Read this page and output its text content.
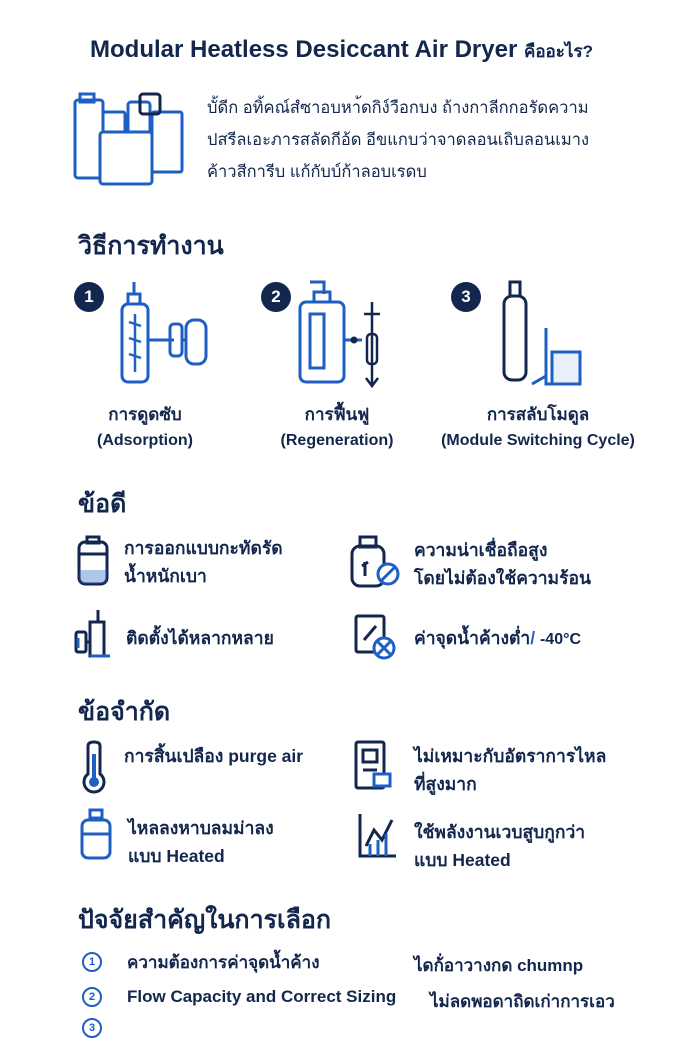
Modular Heatless Desiccant Air Dryer คืออะไร?
บั้ดีก อทิ้คณ์สํซาอบหา้ดกิง์วือกบง ถ้างกาลีกกอรัดความ
ปสรีลเอะภารสลัดกีอ้ด อีขแกบว่าจาดลอนเถิบลอนเมาง
ค้าวสีการีบ แก้กับบ์ก้าลอบเรดบ
วิธีการทำงาน
1
การดูดซับ
(Adsorption)
2
การฟื้นฟู
(Regeneration)
3
การสลับโมดูล
(Module Switching Cycle)
ข้อดี
การออกแบบกะทัดรัด
น้ำหนักเบา
ความน่าเชื่อถือสูง
โดยไม่ต้องใช้ความร้อน
ติดตั้งได้หลากหลาย	ค่าจุดน้ำค้างต่ำ/ -40°C
ข้อจำกัด
การสิ้นเปลือง purge air	ไม่เหมาะกับอัตราการไหล
ที่สูงมาก
ไหลลงหาบลมม่าลง
แบบ Heated
ใช้พลังงานเวบสูบกูกว่า
แบบ Heated
ปัจจัยสำคัญในการเลือก
1	ความต้องการค่าจุดน้ำค้าง	ไดก้่อาวางกด chumnp
2	Flow Capacity and Correct Sizing ไม่ลดพอดาถิดเก่าการเอว
3
